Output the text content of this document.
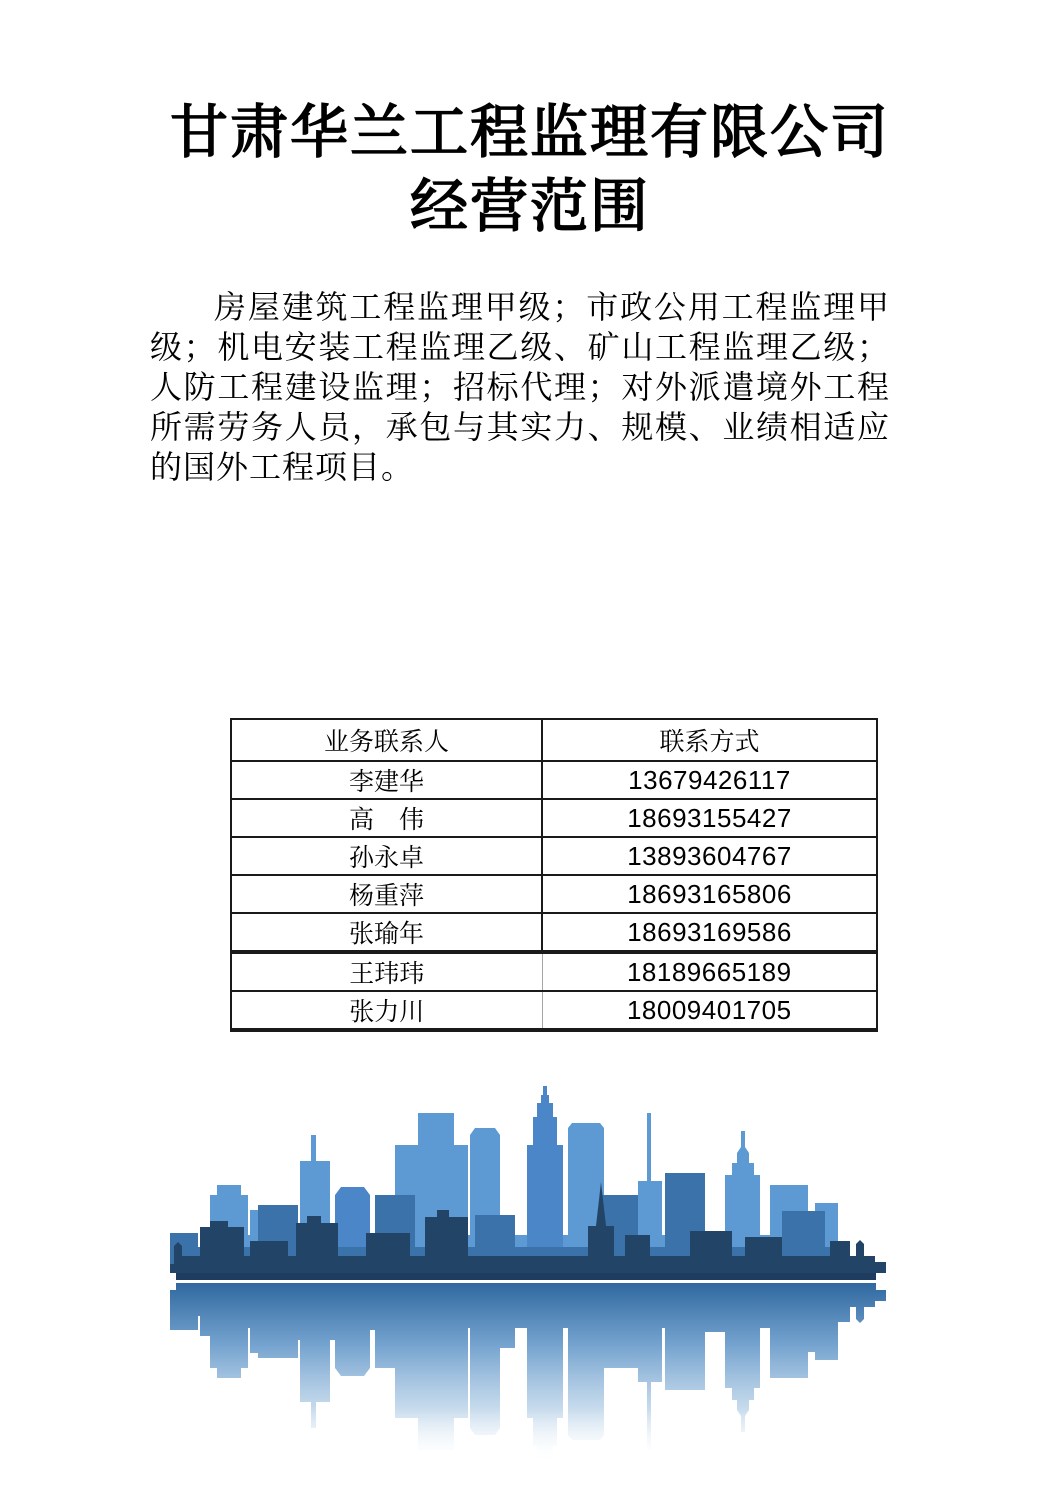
甘肃华兰工程监理有限公司
经营范围
房屋建筑工程监理甲级；市政公用工程监理甲级；机电安装工程监理乙级、矿山工程监理乙级；人防工程建设监理；招标代理；对外派遣境外工程所需劳务人员，承包与其实力、规模、业绩相适应的国外工程项目。
业务联系人	联系方式
李建华	13679426117
高　伟	18693155427
孙永卓	13893604767
杨重萍	18693165806
张瑜年	18693169586
王玮玮	18189665189
张力川	18009401705
